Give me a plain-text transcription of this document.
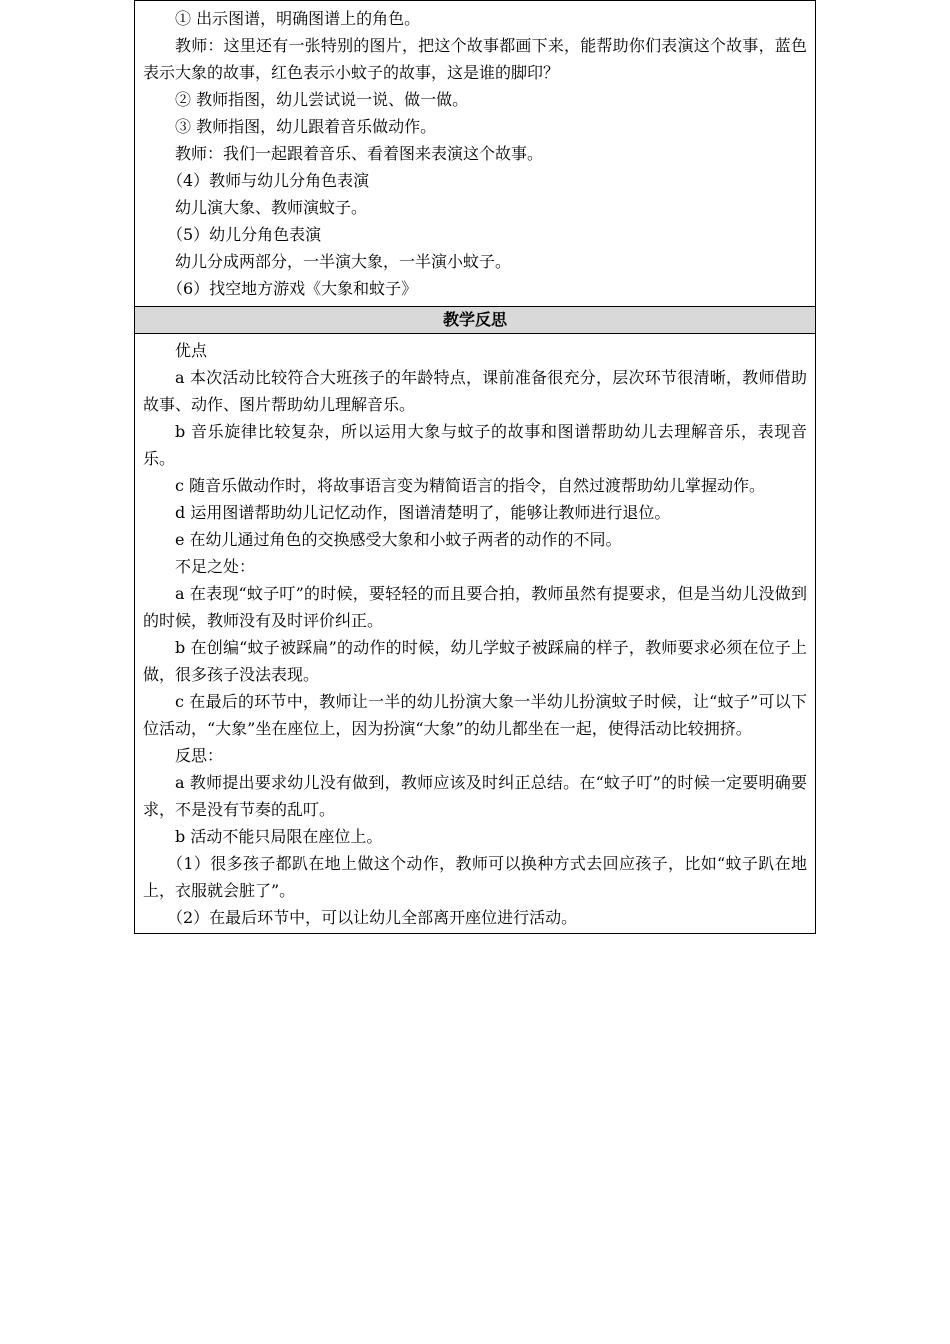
① 出示图谱，明确图谱上的角色。

教师：这里还有一张特别的图片，把这个故事都画下来，能帮助你们表演这个故事，蓝色表示大象的故事，红色表示小蚊子的故事，这是谁的脚印？

② 教师指图，幼儿尝试说一说、做一做。

③ 教师指图，幼儿跟着音乐做动作。

教师：我们一起跟着音乐、看着图来表演这个故事。

（4）教师与幼儿分角色表演

幼儿演大象、教师演蚊子。

（5）幼儿分角色表演

幼儿分成两部分，一半演大象，一半演小蚊子。

（6）找空地方游戏《大象和蚊子》

教学反思

优点

a 本次活动比较符合大班孩子的年龄特点，课前准备很充分，层次环节很清晰，教师借助故事、动作、图片帮助幼儿理解音乐。

b 音乐旋律比较复杂，所以运用大象与蚊子的故事和图谱帮助幼儿去理解音乐，表现音乐。

c 随音乐做动作时，将故事语言变为精简语言的指令，自然过渡帮助幼儿掌握动作。

d 运用图谱帮助幼儿记忆动作，图谱清楚明了，能够让教师进行退位。

e 在幼儿通过角色的交换感受大象和小蚊子两者的动作的不同。

不足之处：

a 在表现“蚊子叮”的时候，要轻轻的而且要合拍，教师虽然有提要求，但是当幼儿没做到的时候，教师没有及时评价纠正。

b 在创编“蚊子被踩扁”的动作的时候，幼儿学蚊子被踩扁的样子，教师要求必须在位子上做，很多孩子没法表现。

c 在最后的环节中，教师让一半的幼儿扮演大象一半幼儿扮演蚊子时候，让“蚊子”可以下位活动，“大象”坐在座位上，因为扮演“大象”的幼儿都坐在一起，使得活动比较拥挤。

反思：

a 教师提出要求幼儿没有做到，教师应该及时纠正总结。在“蚊子叮”的时候一定要明确要求，不是没有节奏的乱叮。

b 活动不能只局限在座位上。

（1）很多孩子都趴在地上做这个动作，教师可以换种方式去回应孩子，比如“蚊子趴在地上，衣服就会脏了”。

（2）在最后环节中，可以让幼儿全部离开座位进行活动。
